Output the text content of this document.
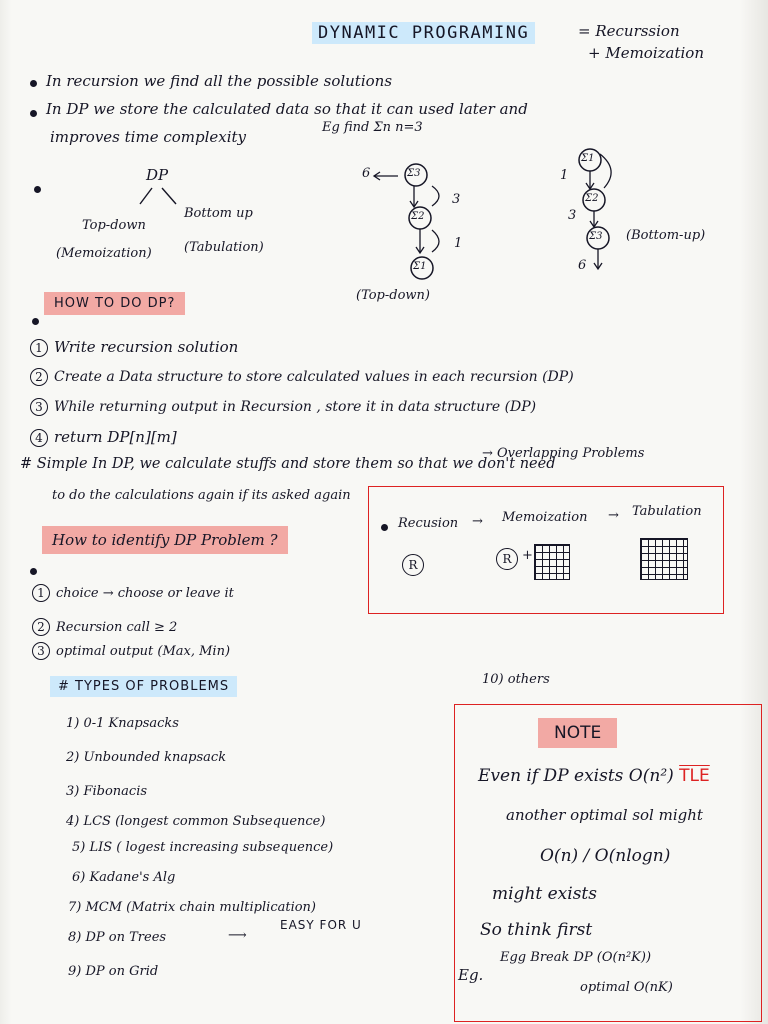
DYNAMIC PROGRAMING	= Recurssion
+ Memoization
In recursion we find all the possible solutions
In DP we store the calculated data so that it can used later and
improves time complexity
DP
Top-down
Bottom up
(Memoization) (Tabulation)
Eg find Σn n=3
6	Σ3
3
Σ2
1
Σ1
(Top-down)
1
Σ1
Σ2
3
Σ3 (Bottom-up)
6
HOW TO DO DP?
1 Write recursion solution
2 Create a Data structure to store calculated values in each recursion (DP)
3 While returning output in Recursion , store it in data structure (DP)
4 return DP[n][m]
# Simple In DP, we calculate stuffs and store them so that we don't need
to do the calculations again if its asked again
→ Overlapping Problems
Recusion → Memoization → Tabulation
R	R +
How to identify DP Problem ?
1 choice → choose or leave it
2 Recursion call ≥ 2
3 optimal output (Max, Min)
# TYPES OF PROBLEMS
1) 0-1 Knapsacks
2) Unbounded knapsack
3) Fibonacis
4) LCS (longest common Subsequence)
5) LIS ( logest increasing subsequence)
6) Kadane's Alg
7) MCM (Matrix chain multiplication)
8) DP on Trees	⟶
EASY FOR U
9) DP on Grid
10) others
NOTE
Even if DP exists O(n²) $\overline{TLE}$
another optimal sol might
O(n) / O(nlogn)
might exists
So think first
Eg.
Egg Break DP (O(n²K))
optimal O(nK)
